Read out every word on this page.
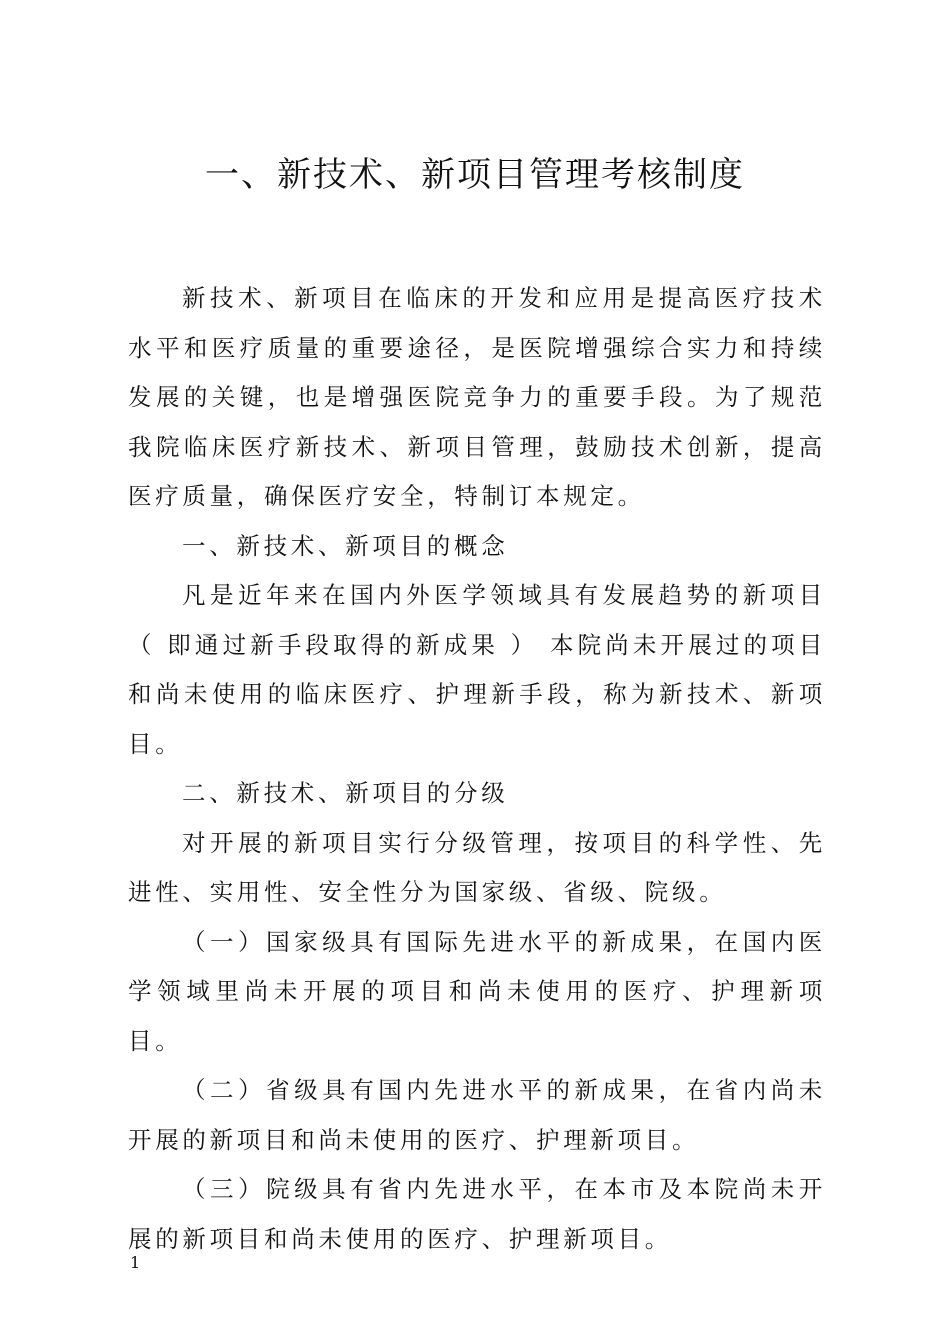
一、新技术、新项目管理考核制度

新技术、新项目在临床的开发和应用是提高医疗技术水平和医疗质量的重要途径，是医院增强综合实力和持续发展的关键，也是增强医院竞争力的重要手段。为了规范我院临床医疗新技术、新项目管理，鼓励技术创新，提高医疗质量，确保医疗安全，特制订本规定。

一、新技术、新项目的概念

凡是近年来在国内外医学领域具有发展趋势的新项目（ 即通过新手段取得的新成果 ） 本院尚未开展过的项目和尚未使用的临床医疗、护理新手段，称为新技术、新项目。

二、新技术、新项目的分级

对开展的新项目实行分级管理，按项目的科学性、先进性、实用性、安全性分为国家级、省级、院级。

（一）国家级具有国际先进水平的新成果，在国内医学领域里尚未开展的项目和尚未使用的医疗、护理新项目。

（二）省级具有国内先进水平的新成果，在省内尚未开展的新项目和尚未使用的医疗、护理新项目。

（三）院级具有省内先进水平，在本市及本院尚未开展的新项目和尚未使用的医疗、护理新项目。

1
